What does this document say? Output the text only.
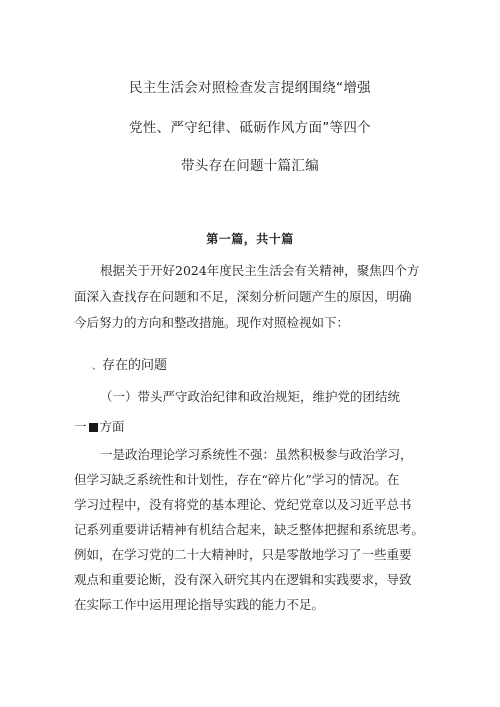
民主生活会对照检查发言提纲围绕“增强
党性、严守纪律、砥砺作风方面”等四个
带头存在问题十篇汇编
第一篇，共十篇
根据关于开好2024年度民主生活会有关精神，聚焦四个方
面深入查找存在问题和不足，深刻分析问题产生的原因，明确
今后努力的方向和整改措施。现作对照检视如下：
、存在的问题
（一）带头严守政治纪律和政治规矩，维护党的团结统
一 方面
一是政治理论学习系统性不强：虽然积极参与政治学习，
但学习缺乏系统性和计划性，存在“碎片化”学习的情况。在
学习过程中，没有将党的基本理论、党纪党章以及习近平总书
记系列重要讲话精神有机结合起来，缺乏整体把握和系统思考。
例如，在学习党的二十大精神时，只是零散地学习了一些重要
观点和重要论断，没有深入研究其内在逻辑和实践要求，导致
在实际工作中运用理论指导实践的能力不足。
